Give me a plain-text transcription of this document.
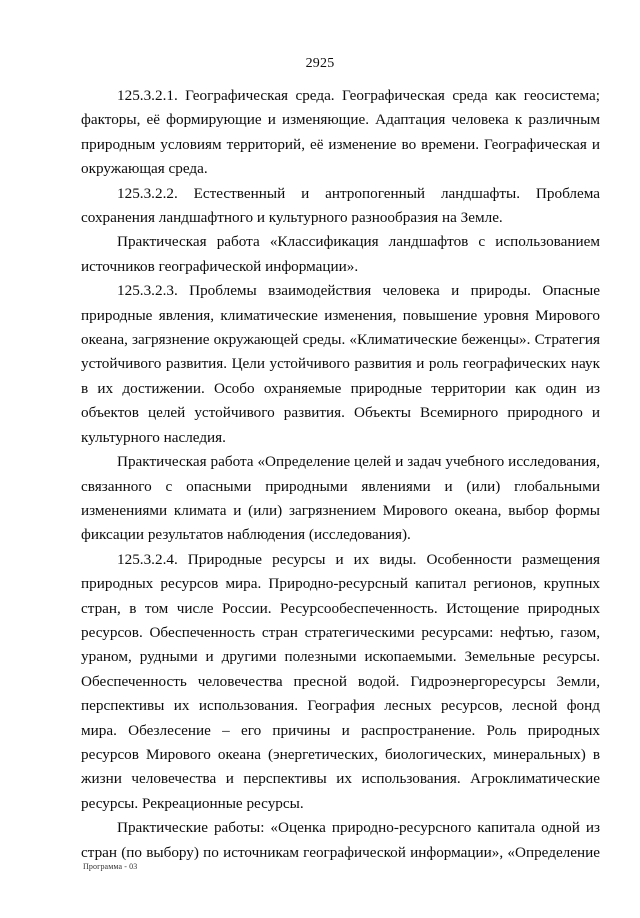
2925

125.3.2.1. Географическая среда. Географическая среда как геосистема; факторы, её формирующие и изменяющие. Адаптация человека к различным природным условиям территорий, её изменение во времени. Географическая и окружающая среда.

125.3.2.2. Естественный и антропогенный ландшафты. Проблема сохранения ландшафтного и культурного разнообразия на Земле.

Практическая работа «Классификация ландшафтов с использованием источников географической информации».

125.3.2.3. Проблемы взаимодействия человека и природы. Опасные природные явления, климатические изменения, повышение уровня Мирового океана, загрязнение окружающей среды. «Климатические беженцы». Стратегия устойчивого развития. Цели устойчивого развития и роль географических наук в их достижении. Особо охраняемые природные территории как один из объектов целей устойчивого развития. Объекты Всемирного природного и культурного наследия.

Практическая работа «Определение целей и задач учебного исследования, связанного с опасными природными явлениями и (или) глобальными изменениями климата и (или) загрязнением Мирового океана, выбор формы фиксации результатов наблюдения (исследования).

125.3.2.4. Природные ресурсы и их виды. Особенности размещения природных ресурсов мира. Природно-ресурсный капитал регионов, крупных стран, в том числе России. Ресурсообеспеченность. Истощение природных ресурсов. Обеспеченность стран стратегическими ресурсами: нефтью, газом, ураном, рудными и другими полезными ископаемыми. Земельные ресурсы. Обеспеченность человечества пресной водой. Гидроэнергоресурсы Земли, перспективы их использования. География лесных ресурсов, лесной фонд мира. Обезлесение – его причины и распространение. Роль природных ресурсов Мирового океана (энергетических, биологических, минеральных) в жизни человечества и перспективы их использования. Агроклиматические ресурсы. Рекреационные ресурсы.

Практические работы: «Оценка природно-ресурсного капитала одной из стран (по выбору) по источникам географической информации», «Определение

Программа - 03
